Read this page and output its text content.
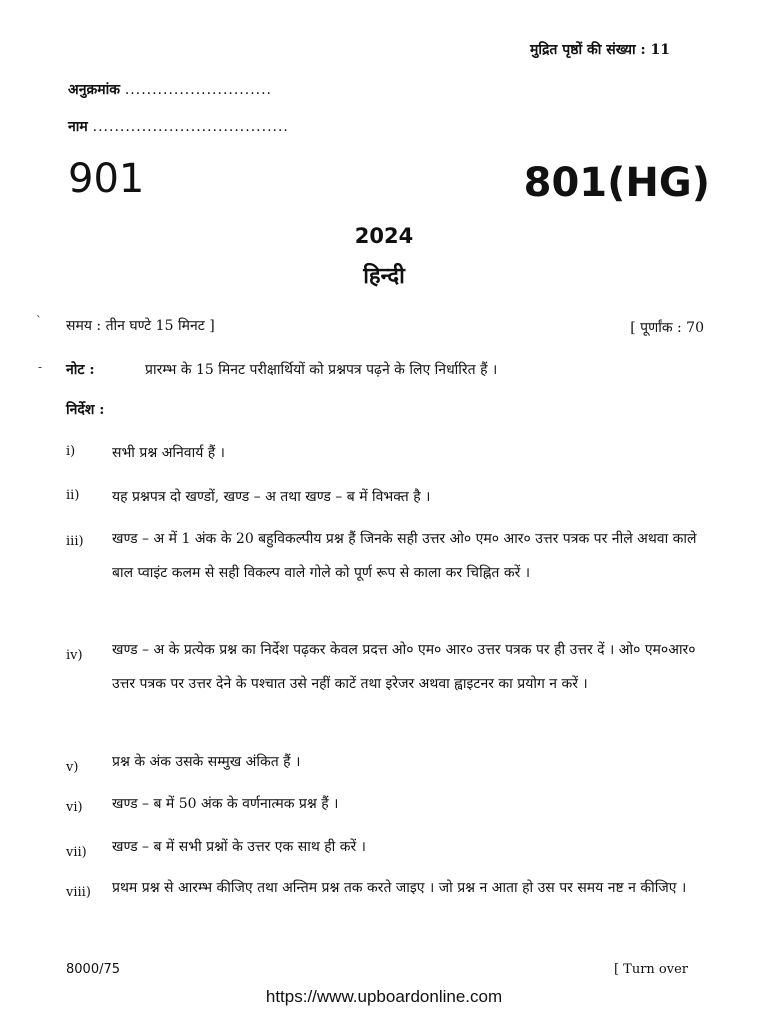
मुद्रित पृष्ठों की संख्या : 11
अनुक्रमांक ...........................
नाम ....................................
901	801(HG)
2024
हिन्दी
समय : तीन घण्टे 15 मिनट ]	[ पूर्णांक : 70
नोट :	प्रारम्भ के 15 मिनट परीक्षार्थियों को प्रश्नपत्र पढ़ने के लिए निर्धारित हैं ।
निर्देश :
i)	सभी प्रश्न अनिवार्य हैं ।
ii) यह प्रश्नपत्र दो खण्डों, खण्ड – अ तथा खण्ड – ब में विभक्त है ।
iii) खण्ड – अ में 1 अंक के 20 बहुविकल्पीय प्रश्न हैं जिनके सही उत्तर ओ० एम० आर० उत्तर पत्रक पर नीले अथवा काले बाल प्वाइंट कलम से सही विकल्प वाले गोले को पूर्ण रूप से काला कर चिह्नित करें ।
iv) खण्ड – अ के प्रत्येक प्रश्न का निर्देश पढ़कर केवल प्रदत्त ओ० एम० आर० उत्तर पत्रक पर ही उत्तर दें । ओ० एम०आर० उत्तर पत्रक पर उत्तर देने के पश्चात उसे नहीं काटें तथा इरेजर अथवा ह्वाइटनर का प्रयोग न करें ।
v) प्रश्न के अंक उसके सम्मुख अंकित हैं ।
vi) खण्ड – ब में 50 अंक के वर्णनात्मक प्रश्न हैं ।
vii) खण्ड – ब में सभी प्रश्नों के उत्तर एक साथ ही करें ।
viii) प्रथम प्रश्न से आरम्भ कीजिए तथा अन्तिम प्रश्न तक करते जाइए । जो प्रश्न न आता हो उस पर समय नष्ट न कीजिए ।
`
-
8000/75	[ Turn over
https://www.upboardonline.com
